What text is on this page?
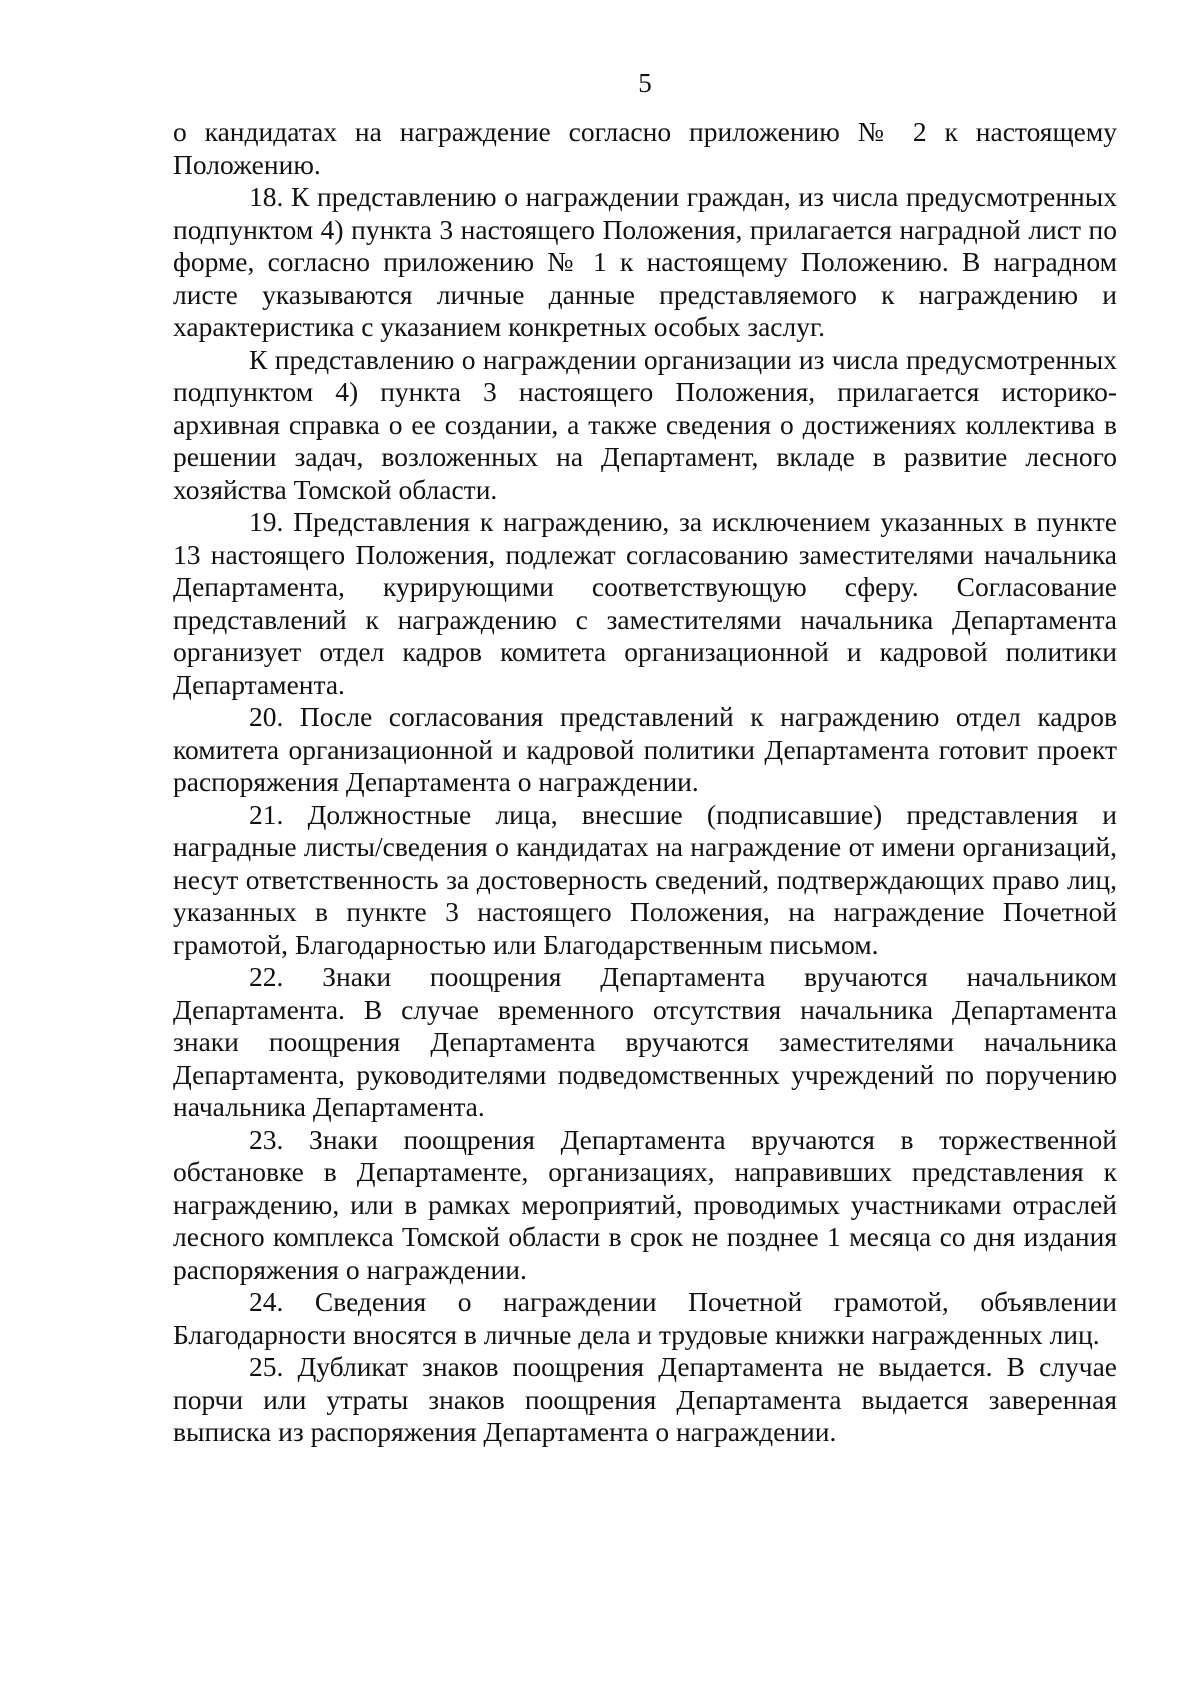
5

о кандидатах на награждение согласно приложению № 2 к настоящему Положению.

18. К представлению о награждении граждан, из числа предусмотренных подпунктом 4) пункта 3 настоящего Положения, прилагается наградной лист по форме, согласно приложению № 1 к настоящему Положению. В наградном листе указываются личные данные представляемого к награждению и характеристика с указанием конкретных особых заслуг.

К представлению о награждении организации из числа предусмотренных подпунктом 4) пункта 3 настоящего Положения, прилагается историко-архивная справка о ее создании, а также сведения о достижениях коллектива в решении задач, возложенных на Департамент, вкладе в развитие лесного хозяйства Томской области.

19. Представления к награждению, за исключением указанных в пункте 13 настоящего Положения, подлежат согласованию заместителями начальника Департамента, курирующими соответствующую сферу. Согласование представлений к награждению с заместителями начальника Департамента организует отдел кадров комитета организационной и кадровой политики Департамента.

20. После согласования представлений к награждению отдел кадров комитета организационной и кадровой политики Департамента готовит проект распоряжения Департамента о награждении.

21. Должностные лица, внесшие (подписавшие) представления и наградные листы/сведения о кандидатах на награждение от имени организаций, несут ответственность за достоверность сведений, подтверждающих право лиц, указанных в пункте 3 настоящего Положения, на награждение Почетной грамотой, Благодарностью или Благодарственным письмом.

22. Знаки поощрения Департамента вручаются начальником Департамента. В случае временного отсутствия начальника Департамента знаки поощрения Департамента вручаются заместителями начальника Департамента, руководителями подведомственных учреждений по поручению начальника Департамента.

23. Знаки поощрения Департамента вручаются в торжественной обстановке в Департаменте, организациях, направивших представления к награждению, или в рамках мероприятий, проводимых участниками отраслей лесного комплекса Томской области в срок не позднее 1 месяца со дня издания распоряжения о награждении.

24. Сведения о награждении Почетной грамотой, объявлении Благодарности вносятся в личные дела и трудовые книжки награжденных лиц.

25. Дубликат знаков поощрения Департамента не выдается. В случае порчи или утраты знаков поощрения Департамента выдается заверенная выписка из распоряжения Департамента о награждении.
